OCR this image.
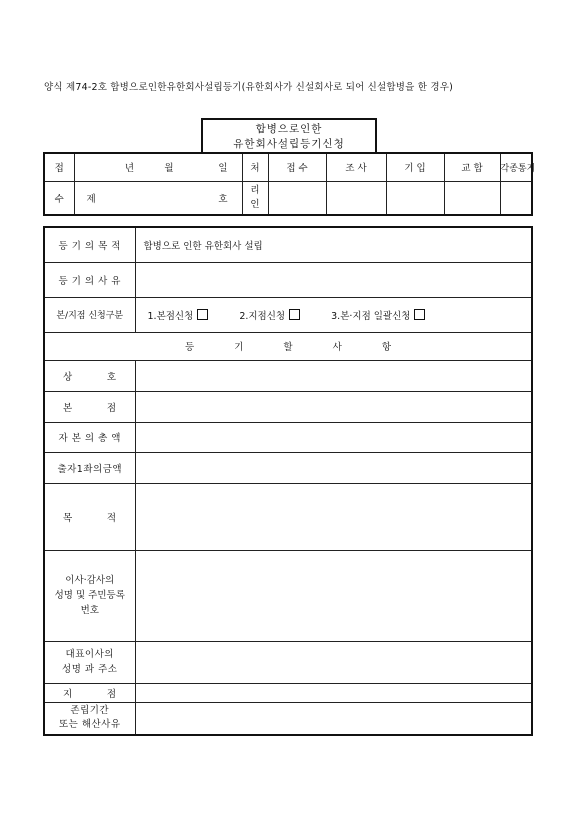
양식 제74-2호 합병으로인한유한회사설립등기(유한회사가 신설회사로 되어 신설합병을 한 경우)
합병으로인한
유한회사설립등기신청
접	년	월	일	처	접 수	조 사	기 입	교 합	각종통지
수	제		호	리
인					

등 기 의 목 적	합병으로 인한 유한회사 설립
등 기 의 사 유	
본/지점 신청구분	1.본점신청 2.지점신청 3.본·지점 일괄신청

등 기 할 사 항	

상 호	

본 점	

자 본 의 총 액	
출자1좌의금액	

목 적	

이사·감사의
성명 및 주민등록
번호	

대표이사의
성명 과 주소	

지 점	

존립기간
또는 해산사유	
